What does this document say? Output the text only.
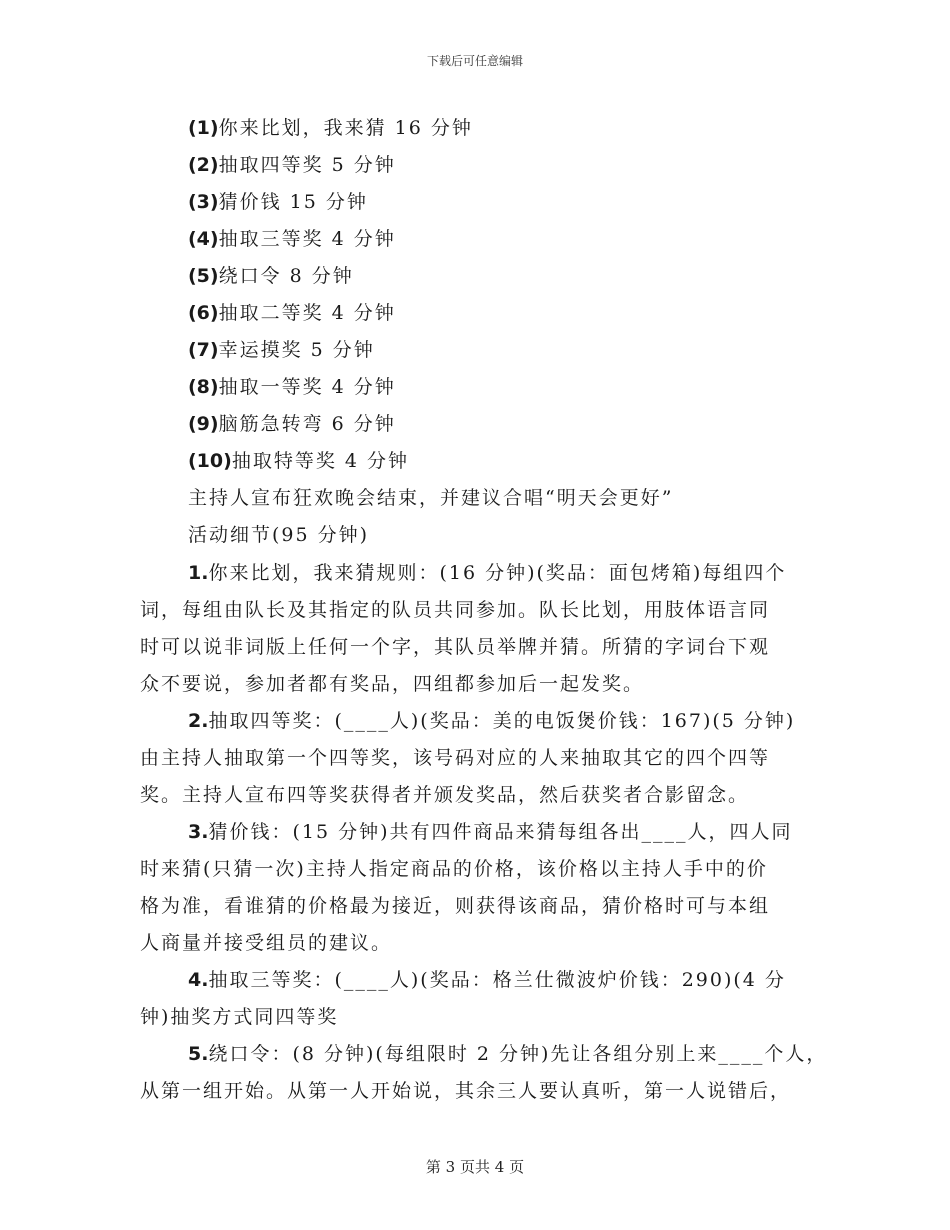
下载后可任意编辑
(1)你来比划，我来猜 16 分钟
(2)抽取四等奖 5 分钟
(3)猜价钱 15 分钟
(4)抽取三等奖 4 分钟
(5)绕口令 8 分钟
(6)抽取二等奖 4 分钟
(7)幸运摸奖 5 分钟
(8)抽取一等奖 4 分钟
(9)脑筋急转弯 6 分钟
(10)抽取特等奖 4 分钟
主持人宣布狂欢晚会结束，并建议合唱“明天会更好”
活动细节(95 分钟)
1.你来比划，我来猜规则：(16 分钟)(奖品：面包烤箱)每组四个
词，每组由队长及其指定的队员共同参加。队长比划，用肢体语言同
时可以说非词版上任何一个字，其队员举牌并猜。所猜的字词台下观
众不要说，参加者都有奖品，四组都参加后一起发奖。
2.抽取四等奖：(____人)(奖品：美的电饭煲价钱：167)(5 分钟)
由主持人抽取第一个四等奖，该号码对应的人来抽取其它的四个四等
奖。主持人宣布四等奖获得者并颁发奖品，然后获奖者合影留念。
3.猜价钱：(15 分钟)共有四件商品来猜每组各出____人，四人同
时来猜(只猜一次)主持人指定商品的价格，该价格以主持人手中的价
格为准，看谁猜的价格最为接近，则获得该商品，猜价格时可与本组
人商量并接受组员的建议。
4.抽取三等奖：(____人)(奖品：格兰仕微波炉价钱：290)(4 分
钟)抽奖方式同四等奖
5.绕口令：(8 分钟)(每组限时 2 分钟)先让各组分别上来____个人，
从第一组开始。从第一人开始说，其余三人要认真听，第一人说错后，
第 3 页共 4 页
